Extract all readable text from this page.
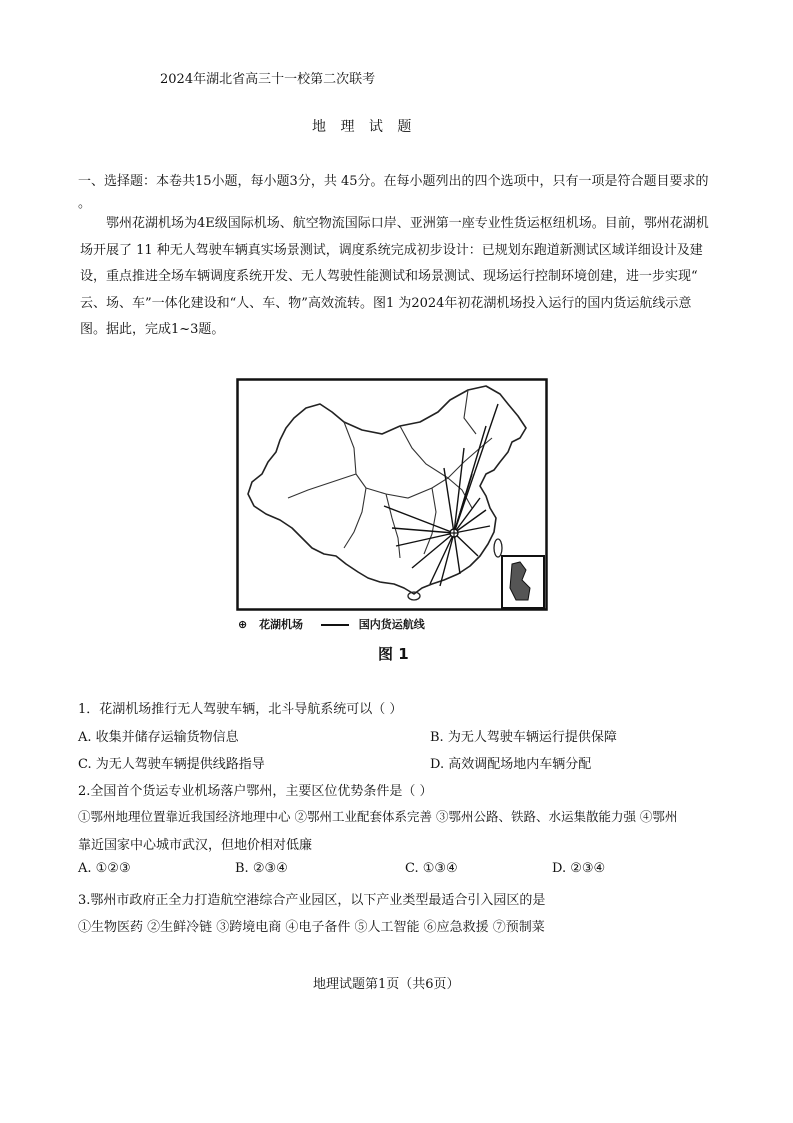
2024年湖北省高三十一校第二次联考
地 理 试 题
一、选择题：本卷共15小题，每小题3分，共 45分。在每小题列出的四个选项中，只有一项是符合题目要求的
。
鄂州花湖机场为4E级国际机场、航空物流国际口岸、亚洲第一座专业性货运枢纽机场。目前，鄂州花湖机
场开展了 11 种无人驾驶车辆真实场景测试，调度系统完成初步设计：已规划东跑道新测试区域详细设计及建
设，重点推进全场车辆调度系统开发、无人驾驶性能测试和场景测试、现场运行控制环境创建，进一步实现“
云、场、车”一体化建设和“人、车、物”高效流转。图1 为2024年初花湖机场投入运行的国内货运航线示意
图。据此，完成1~3题。
⊕ 花湖机场	国内货运航线
图 1
1．花湖机场推行无人驾驶车辆，北斗导航系统可以（ ）
A. 收集并储存运输货物信息	B. 为无人驾驶车辆运行提供保障
C. 为无人驾驶车辆提供线路指导	D. 高效调配场地内车辆分配
2.全国首个货运专业机场落户鄂州，主要区位优势条件是（ ）
①鄂州地理位置靠近我国经济地理中心 ②鄂州工业配套体系完善 ③鄂州公路、铁路、水运集散能力强 ④鄂州
靠近国家中心城市武汉，但地价相对低廉
A. ①②③	B. ②③④	C. ①③④	D. ②③④
3.鄂州市政府正全力打造航空港综合产业园区，以下产业类型最适合引入园区的是
①生物医药 ②生鲜冷链 ③跨境电商 ④电子备件 ⑤人工智能 ⑥应急救援 ⑦预制菜
地理试题第1页（共6页）
